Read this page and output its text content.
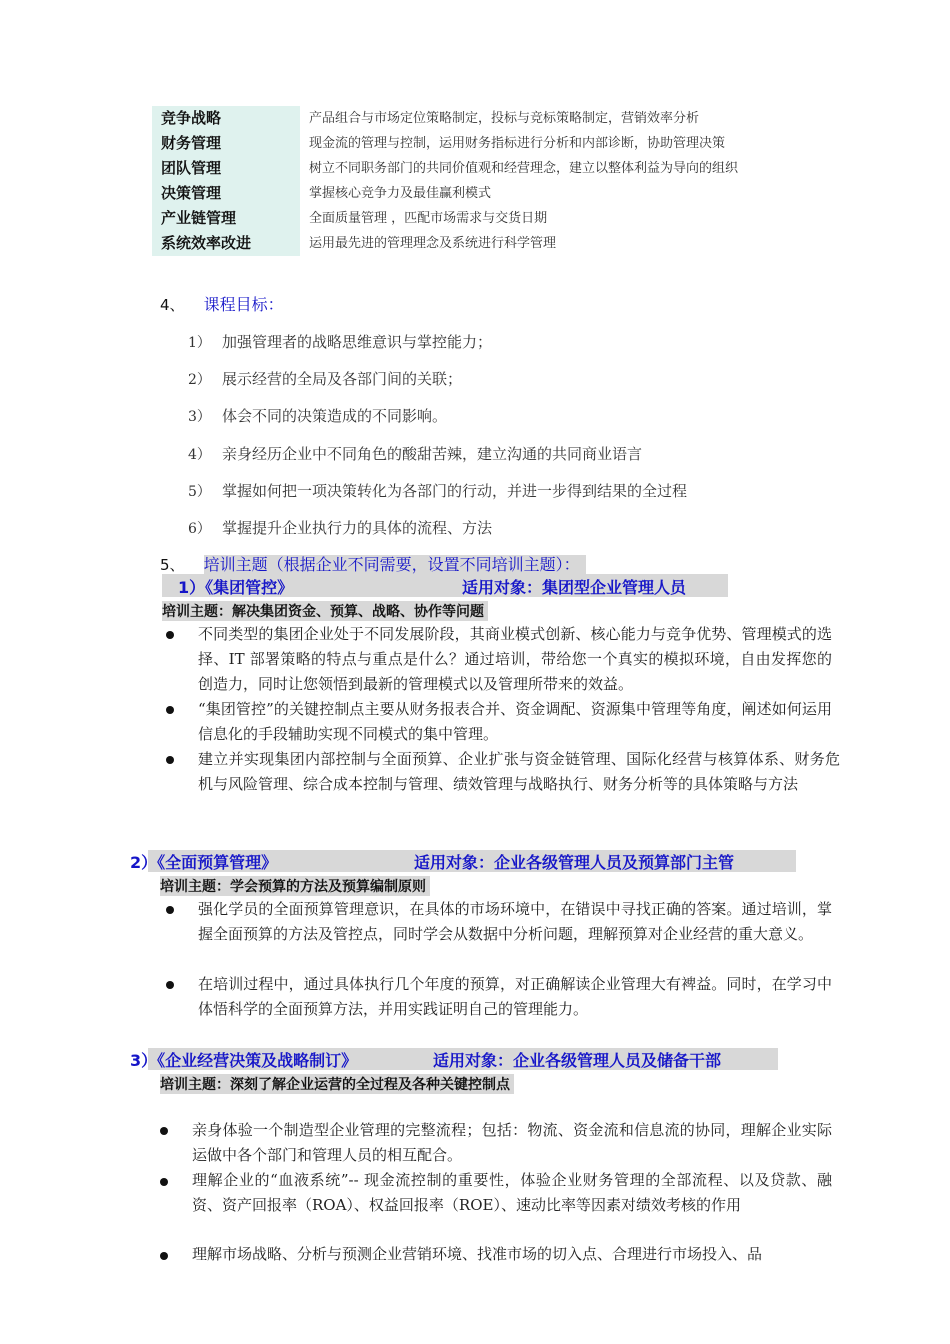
竞争战略	产品组合与市场定位策略制定，投标与竞标策略制定，营销效率分析
财务管理	现金流的管理与控制，运用财务指标进行分析和内部诊断，协助管理决策
团队管理	树立不同职务部门的共同价值观和经营理念，建立以整体利益为导向的组织
决策管理	掌握核心竞争力及最佳赢利模式
产业链管理	全面质量管理 ，匹配市场需求与交货日期
系统效率改进	运用最先进的管理理念及系统进行科学管理
4、 课程目标：
1） 加强管理者的战略思维意识与掌控能力；
2） 展示经营的全局及各部门间的关联；
3） 体会不同的决策造成的不同影响。
4） 亲身经历企业中不同角色的酸甜苦辣，建立沟通的共同商业语言
5） 掌握如何把一项决策转化为各部门的行动，并进一步得到结果的全过程
6） 掌握提升企业执行力的具体的流程、方法
5、 培训主题（根据企业不同需要，设置不同培训主题）：
1）《集团管控》	适用对象：集团型企业管理人员
培训主题：解决集团资金、预算、战略、协作等问题
不同类型的集团企业处于不同发展阶段，其商业模式创新、核心能力与竞争优势、管理模式的选择、IT 部署策略的特点与重点是什么？通过培训，带给您一个真实的模拟环境，自由发挥您的创造力，同时让您领悟到最新的管理模式以及管理所带来的效益。
“集团管控”的关键控制点主要从财务报表合并、资金调配、资源集中管理等角度，阐述如何运用信息化的手段辅助实现不同模式的集中管理。
建立并实现集团内部控制与全面预算、企业扩张与资金链管理、国际化经营与核算体系、财务危机与风险管理、综合成本控制与管理、绩效管理与战略执行、财务分析等的具体策略与方法
2）《全面预算管理》	适用对象：企业各级管理人员及预算部门主管
培训主题：学会预算的方法及预算编制原则
强化学员的全面预算管理意识，在具体的市场环境中，在错误中寻找正确的答案。通过培训，掌握全面预算的方法及管控点，同时学会从数据中分析问题，理解预算对企业经营的重大意义。
在培训过程中，通过具体执行几个年度的预算，对正确解读企业管理大有裨益。同时，在学习中体悟科学的全面预算方法，并用实践证明自己的管理能力。
3）《企业经营决策及战略制订》	适用对象：企业各级管理人员及储备干部
培训主题：深刻了解企业运营的全过程及各种关键控制点
亲身体验一个制造型企业管理的完整流程；包括：物流、资金流和信息流的协同，理解企业实际运做中各个部门和管理人员的相互配合。
理解企业的“血液系统”-- 现金流控制的重要性，体验企业财务管理的全部流程、以及贷款、融资、资产回报率（ROA）、权益回报率（ROE）、速动比率等因素对绩效考核的作用
理解市场战略、分析与预测企业营销环境、找准市场的切入点、合理进行市场投入、品
